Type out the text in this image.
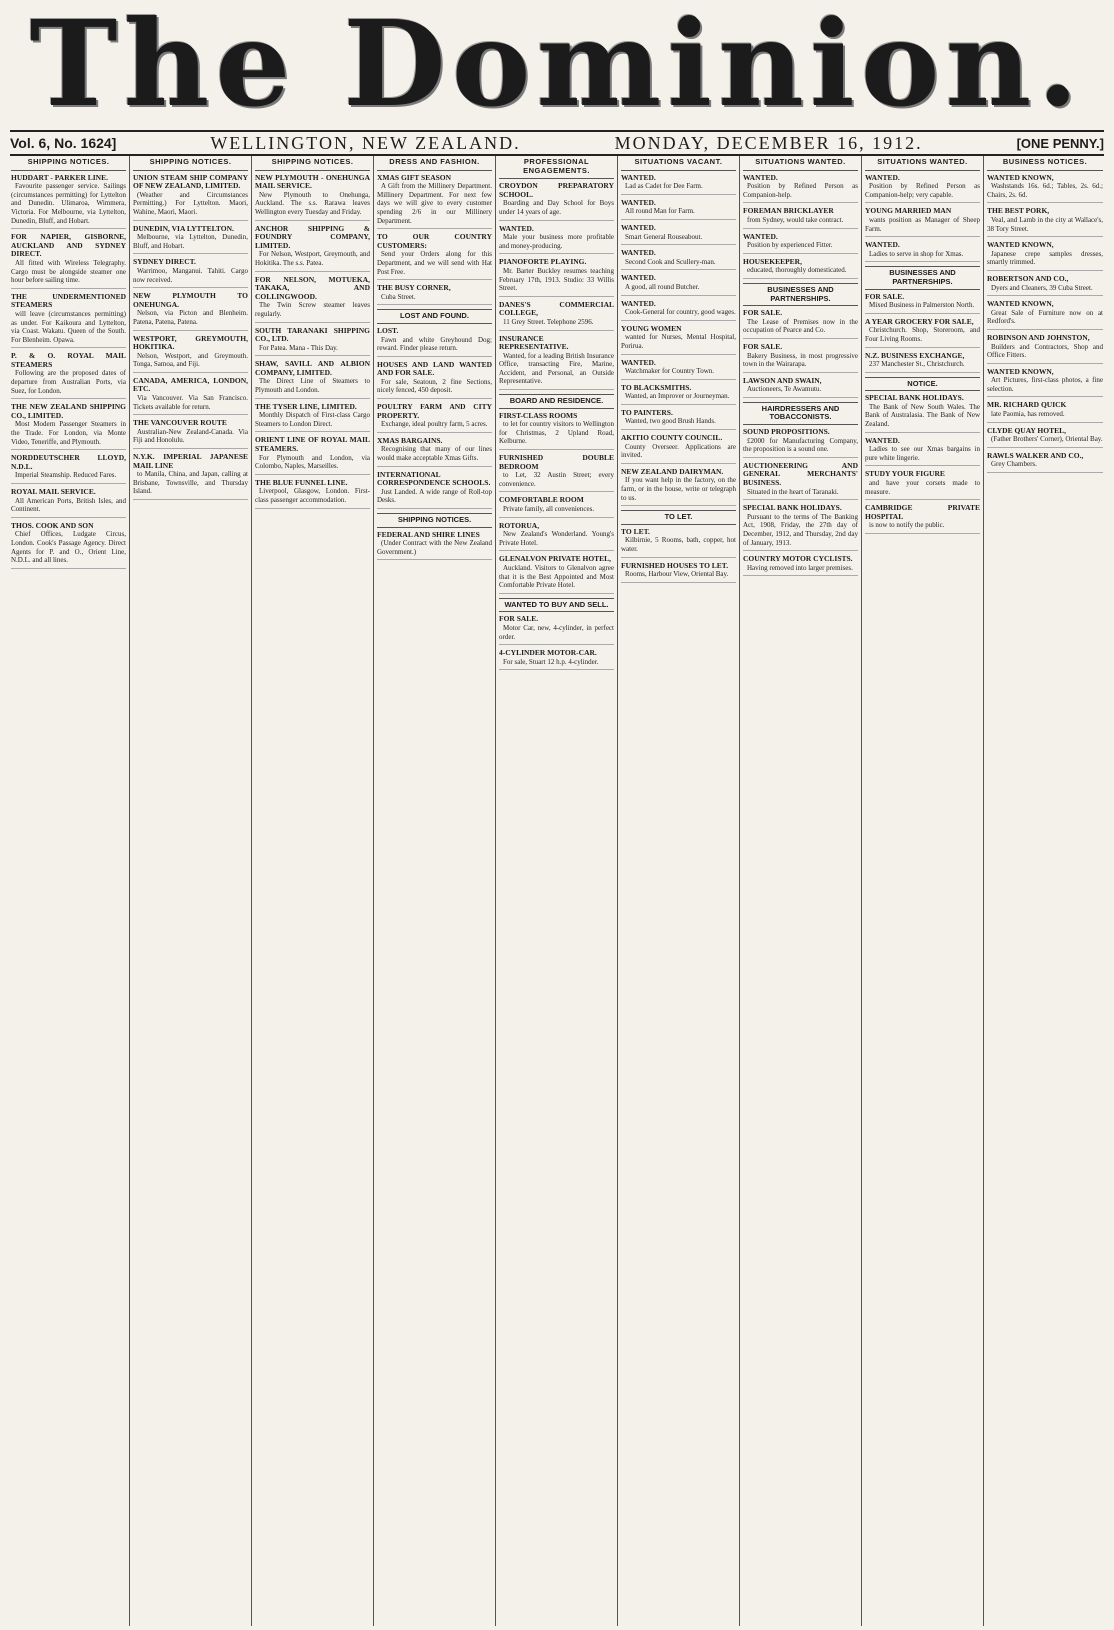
The Dominion.
Vol. 6, No. 1624]	WELLINGTON, NEW ZEALAND.	MONDAY, DECEMBER 16, 1912.	[ONE PENNY.]
SHIPPING NOTICES.
HUDDART - PARKER LINE.
Favourite passenger service. Sailings (circumstances permitting) for Lyttelton and Dunedin. Ulimaroa, Wimmera, Victoria. For Melbourne, via Lyttelton, Dunedin, Bluff, and Hobart.
FOR NAPIER, GISBORNE, AUCKLAND AND SYDNEY DIRECT.
All fitted with Wireless Telegraphy. Cargo must be alongside steamer one hour before sailing time.
THE UNDERMENTIONED STEAMERS
will leave (circumstances permitting) as under. For Kaikoura and Lyttelton, via Coast. Wakatu. Queen of the South. For Blenheim. Opawa.
P. & O. ROYAL MAIL STEAMERS
Following are the proposed dates of departure from Australian Ports, via Suez, for London.
THE NEW ZEALAND SHIPPING CO., LIMITED.
Most Modern Passenger Steamers in the Trade. For London, via Monte Video, Teneriffe, and Plymouth.
NORDDEUTSCHER LLOYD, N.D.L.
Imperial Steamship. Reduced Fares.
ROYAL MAIL SERVICE.
All American Ports, British Isles, and Continent.
THOS. COOK AND SON
Chief Offices, Ludgate Circus, London. Cook's Passage Agency. Direct Agents for P. and O., Orient Line, N.D.L. and all lines.
SHIPPING NOTICES.
UNION STEAM SHIP COMPANY OF NEW ZEALAND, LIMITED.
(Weather and Circumstances Permitting.) For Lyttelton. Maori, Wahine, Maori, Maori.
DUNEDIN, VIA LYTTELTON.
Melbourne, via Lyttelton, Dunedin, Bluff, and Hobart.
SYDNEY DIRECT.
Warrimoo, Manganui. Tahiti. Cargo now received.
NEW PLYMOUTH TO ONEHUNGA.
Nelson, via Picton and Blenheim. Patena, Patena, Patena.
WESTPORT, GREYMOUTH, HOKITIKA.
Nelson, Westport, and Greymouth. Tonga, Samoa, and Fiji.
CANADA, AMERICA, LONDON, ETC.
Via Vancouver. Via San Francisco. Tickets available for return.
THE VANCOUVER ROUTE
Australian-New Zealand-Canada. Via Fiji and Honolulu.
N.Y.K. IMPERIAL JAPANESE MAIL LINE
to Manila, China, and Japan, calling at Brisbane, Townsville, and Thursday Island.
SHIPPING NOTICES.
NEW PLYMOUTH - ONEHUNGA MAIL SERVICE.
New Plymouth to Onehunga, Auckland. The s.s. Rarawa leaves Wellington every Tuesday and Friday.
ANCHOR SHIPPING & FOUNDRY COMPANY, LIMITED.
For Nelson, Westport, Greymouth, and Hokitika. The s.s. Patea.
FOR NELSON, MOTUEKA, TAKAKA, AND COLLINGWOOD.
The Twin Screw steamer leaves regularly.
SOUTH TARANAKI SHIPPING CO., LTD.
For Patea. Mana - This Day.
SHAW, SAVILL AND ALBION COMPANY, LIMITED.
The Direct Line of Steamers to Plymouth and London.
THE TYSER LINE, LIMITED.
Monthly Dispatch of First-class Cargo Steamers to London Direct.
ORIENT LINE OF ROYAL MAIL STEAMERS.
For Plymouth and London, via Colombo, Naples, Marseilles.
THE BLUE FUNNEL LINE.
Liverpool, Glasgow, London. First-class passenger accommodation.
DRESS AND FASHION.
XMAS GIFT SEASON
A Gift from the Millinery Department. Millinery Department. For next few days we will give to every customer spending 2/6 in our Millinery Department.
TO OUR COUNTRY CUSTOMERS:
Send your Orders along for this Department, and we will send with Hat Post Free.
THE BUSY CORNER,
Cuba Street.
LOST AND FOUND.
LOST.
Fawn and white Greyhound Dog; reward. Finder please return.
HOUSES AND LAND WANTED AND FOR SALE.
For sale, Seatoun, 2 fine Sections, nicely fenced, 450 deposit.
POULTRY FARM AND CITY PROPERTY.
Exchange, ideal poultry farm, 5 acres.
XMAS BARGAINS.
Recognising that many of our lines would make acceptable Xmas Gifts.
INTERNATIONAL CORRESPONDENCE SCHOOLS.
Just Landed. A wide range of Roll-top Desks.
SHIPPING NOTICES.
FEDERAL AND SHIRE LINES
(Under Contract with the New Zealand Government.)
PROFESSIONAL ENGAGEMENTS.
CROYDON PREPARATORY SCHOOL.
Boarding and Day School for Boys under 14 years of age.
WANTED.
Male your business more profitable and money-producing.
PIANOFORTE PLAYING.
Mr. Barter Buckley resumes teaching February 17th, 1913. Studio: 33 Willis Street.
DANES'S COMMERCIAL COLLEGE,
11 Grey Street. Telephone 2596.
INSURANCE REPRESENTATIVE.
Wanted, for a leading British Insurance Office, transacting Fire, Marine, Accident, and Personal, an Outside Representative.
BOARD AND RESIDENCE.
FIRST-CLASS ROOMS
to let for country visitors to Wellington for Christmas, 2 Upland Road, Kelburne.
FURNISHED DOUBLE BEDROOM
to Let, 32 Austin Street; every convenience.
COMFORTABLE ROOM
Private family, all conveniences.
ROTORUA,
New Zealand's Wonderland. Young's Private Hotel.
GLENALVON PRIVATE HOTEL,
Auckland. Visitors to Glenalvon agree that it is the Best Appointed and Most Comfortable Private Hotel.
WANTED TO BUY AND SELL.
FOR SALE.
Motor Car, new, 4-cylinder, in perfect order.
4-CYLINDER MOTOR-CAR.
For sale, Stuart 12 h.p. 4-cylinder.
SITUATIONS VACANT.
WANTED.
Lad as Cadet for Dee Farm.
WANTED.
All round Man for Farm.
WANTED.
Smart General Rouseabout.
WANTED.
Second Cook and Scullery-man.
WANTED.
A good, all round Butcher.
WANTED.
Cook-General for country, good wages.
YOUNG WOMEN
wanted for Nurses, Mental Hospital, Porirua.
WANTED.
Watchmaker for Country Town.
TO BLACKSMITHS.
Wanted, an Improver or Journeyman.
TO PAINTERS.
Wanted, two good Brush Hands.
AKITIO COUNTY COUNCIL.
County Overseer. Applications are invited.
NEW ZEALAND DAIRYMAN.
If you want help in the factory, on the farm, or in the house, write or telegraph to us.
TO LET.
TO LET.
Kilbirnie, 5 Rooms, bath, copper, hot water.
FURNISHED HOUSES TO LET.
Rooms, Harbour View, Oriental Bay.
SITUATIONS WANTED.
WANTED.
Position by Refined Person as Companion-help.
FOREMAN BRICKLAYER
from Sydney, would take contract.
WANTED.
Position by experienced Fitter.
HOUSEKEEPER,
educated, thoroughly domesticated.
BUSINESSES AND PARTNERSHIPS.
FOR SALE.
The Lease of Premises now in the occupation of Pearce and Co.
FOR SALE.
Bakery Business, in most progressive town in the Wairarapa.
LAWSON AND SWAIN,
Auctioneers, Te Awamutu.
HAIRDRESSERS AND TOBACCONISTS.
SOUND PROPOSITIONS.
£2000 for Manufacturing Company, the proposition is a sound one.
AUCTIONEERING AND GENERAL MERCHANTS' BUSINESS.
Situated in the heart of Taranaki.
SPECIAL BANK HOLIDAYS.
Pursuant to the terms of The Banking Act, 1908, Friday, the 27th day of December, 1912, and Thursday, 2nd day of January, 1913.
COUNTRY MOTOR CYCLISTS.
Having removed into larger premises.
SITUATIONS WANTED.
WANTED.
Position by Refined Person as Companion-help; very capable.
YOUNG MARRIED MAN
wants position as Manager of Sheep Farm.
WANTED.
Ladies to serve in shop for Xmas.
BUSINESSES AND PARTNERSHIPS.
FOR SALE.
Mixed Business in Palmerston North.
A YEAR GROCERY FOR SALE,
Christchurch. Shop, Storeroom, and Four Living Rooms.
N.Z. BUSINESS EXCHANGE,
237 Manchester St., Christchurch.
NOTICE.
SPECIAL BANK HOLIDAYS.
The Bank of New South Wales. The Bank of Australasia. The Bank of New Zealand.
WANTED.
Ladies to see our Xmas bargains in pure white lingerie.
STUDY YOUR FIGURE
and have your corsets made to measure.
CAMBRIDGE PRIVATE HOSPITAL
is now to notify the public.
BUSINESS NOTICES.
WANTED KNOWN,
Washstands 16s. 6d.; Tables, 2s. 6d.; Chairs, 2s. 6d.
THE BEST PORK,
Veal, and Lamb in the city at Wallace's, 38 Tory Street.
WANTED KNOWN,
Japanese crepe samples dresses, smartly trimmed.
ROBERTSON AND CO.,
Dyers and Cleaners, 39 Cuba Street.
WANTED KNOWN,
Great Sale of Furniture now on at Redford's.
ROBINSON AND JOHNSTON,
Builders and Contractors, Shop and Office Fitters.
WANTED KNOWN,
Art Pictures, first-class photos, a fine selection.
MR. RICHARD QUICK
late Paomia, has removed.
CLYDE QUAY HOTEL,
(Father Brothers' Corner), Oriental Bay.
RAWLS WALKER AND CO.,
Grey Chambers.
